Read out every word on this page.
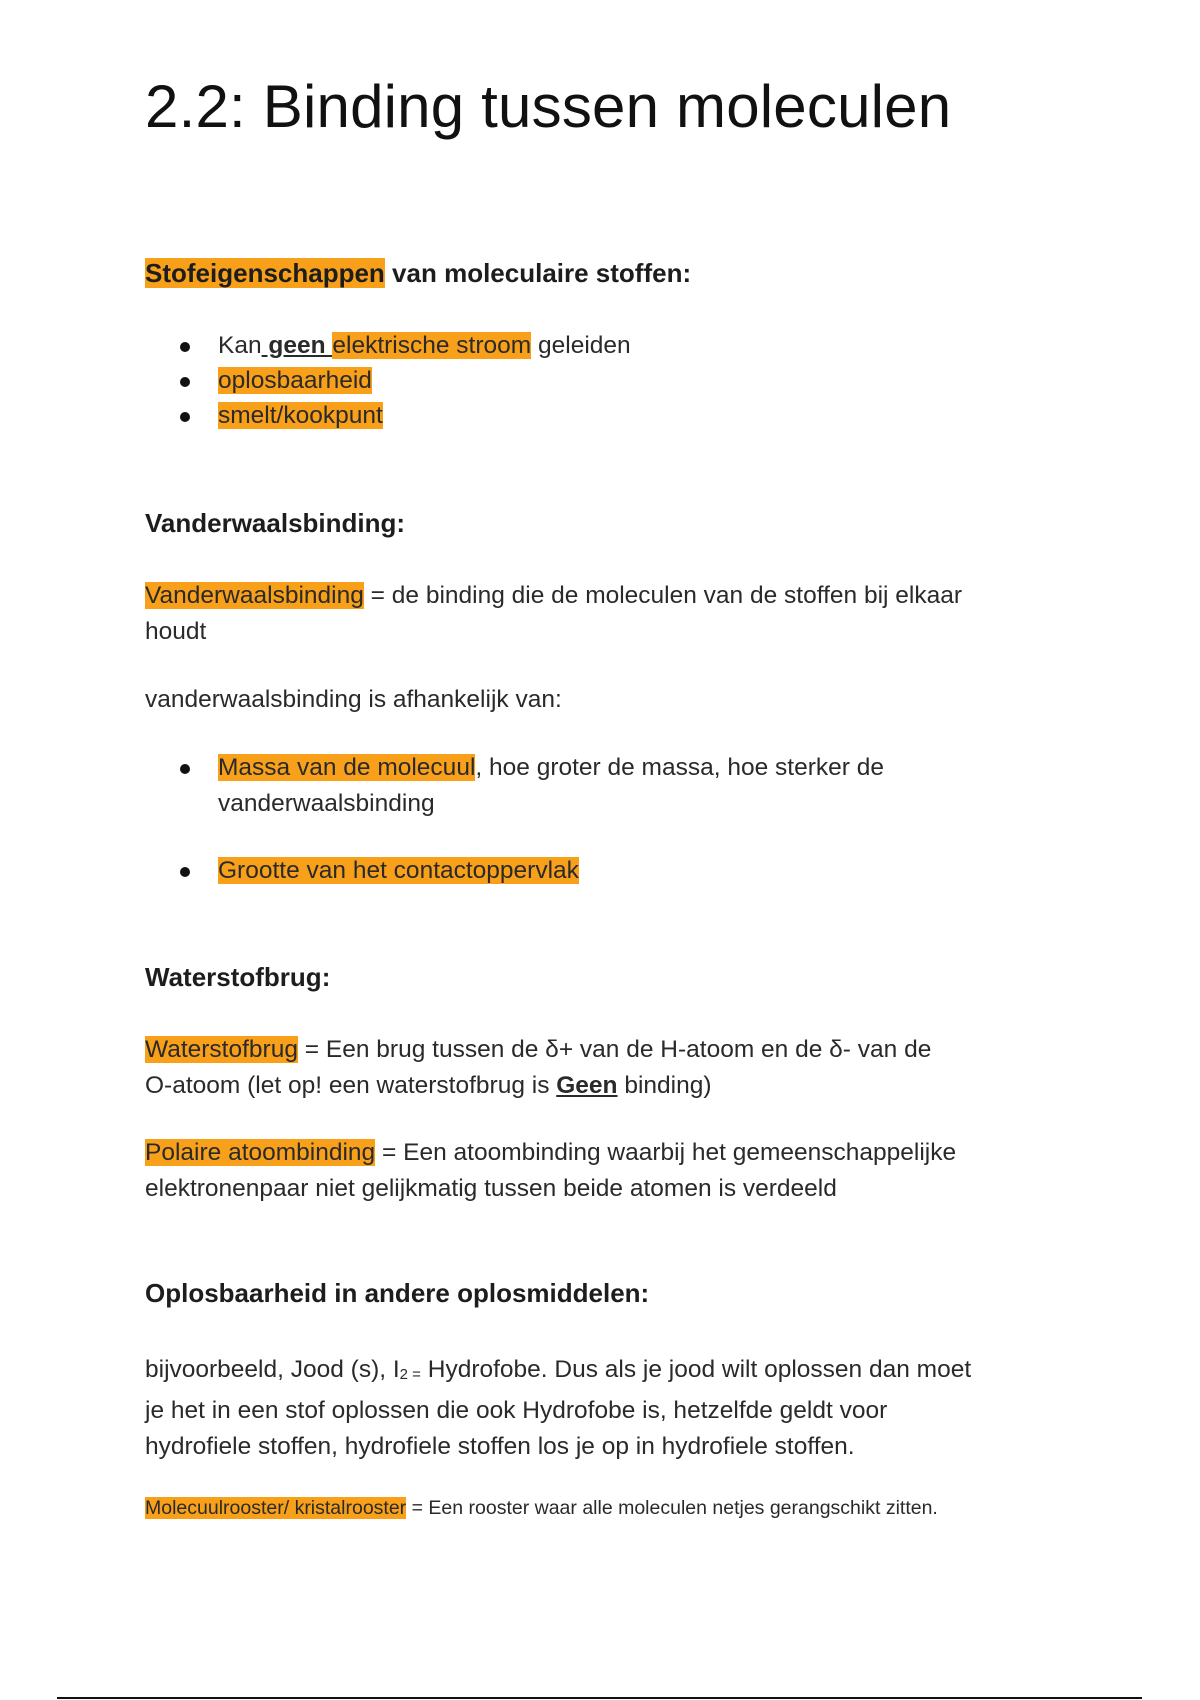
2.2: Binding tussen moleculen
Stofeigenschappen van moleculaire stoffen:
Kan geen elektrische stroom geleiden
oplosbaarheid
smelt/kookpunt
Vanderwaalsbinding:
Vanderwaalsbinding = de binding die de moleculen van de stoffen bij elkaar
houdt
vanderwaalsbinding is afhankelijk van:
Massa van de molecuul, hoe groter de massa, hoe sterker de
vanderwaalsbinding
Grootte van het contactoppervlak
Waterstofbrug:
Waterstofbrug = Een brug tussen de δ+ van de H-atoom en de δ- van de
O-atoom (let op! een waterstofbrug is Geen binding)
Polaire atoombinding = Een atoombinding waarbij het gemeenschappelijke
elektronenpaar niet gelijkmatig tussen beide atomen is verdeeld
Oplosbaarheid in andere oplosmiddelen:
bijvoorbeeld, Jood (s), I2 = Hydrofobe. Dus als je jood wilt oplossen dan moet
je het in een stof oplossen die ook Hydrofobe is, hetzelfde geldt voor
hydrofiele stoffen, hydrofiele stoffen los je op in hydrofiele stoffen.
Molecuulrooster/ kristalrooster = Een rooster waar alle moleculen netjes gerangschikt zitten.
